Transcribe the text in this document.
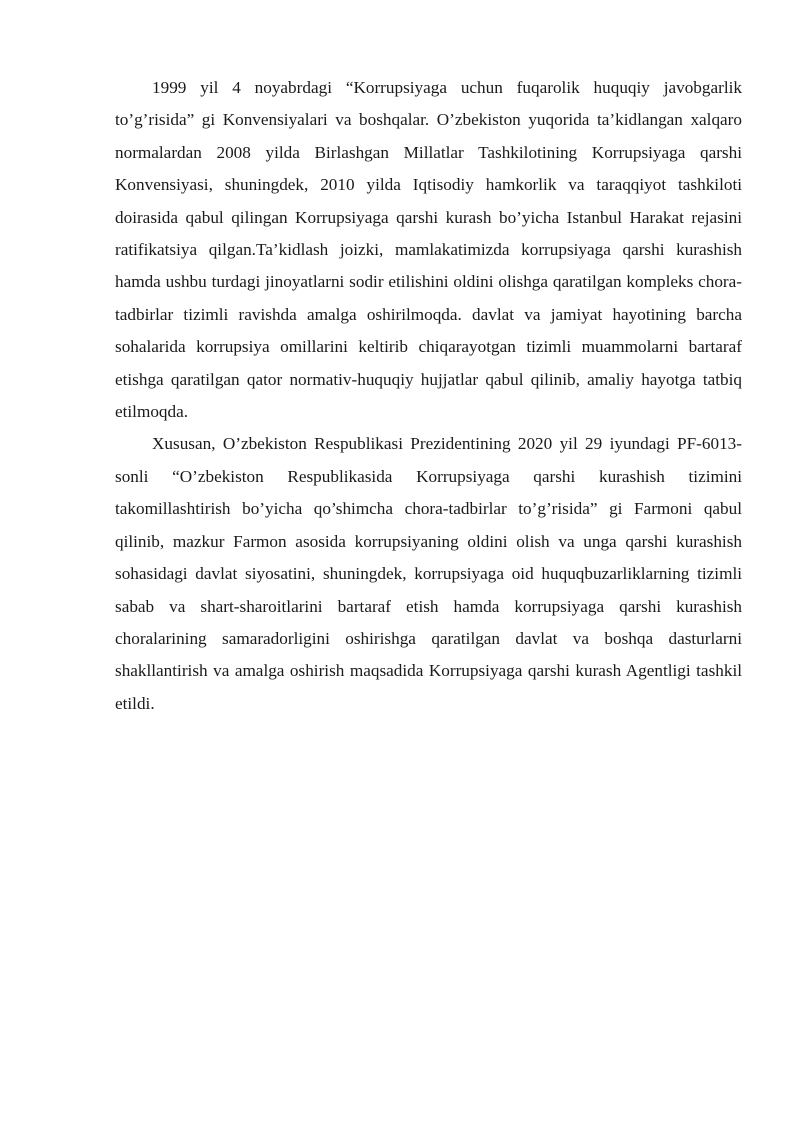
1999 yil 4 noyabrdagi “Korrupsiyaga uchun fuqarolik huquqiy javobgarlik to’g’risida” gi Konvensiyalari va boshqalar. O’zbekiston yuqorida ta’kidlangan xalqaro normalardan 2008 yilda Birlashgan Millatlar Tashkilotining Korrupsiyaga qarshi Konvensiyasi, shuningdek, 2010 yilda Iqtisodiy hamkorlik va taraqqiyot tashkiloti doirasida qabul qilingan Korrupsiyaga qarshi kurash bo’yicha Istanbul Harakat rejasini ratifikatsiya qilgan.Ta’kidlash joizki, mamlakatimizda korrupsiyaga qarshi kurashish hamda ushbu turdagi jinoyatlarni sodir etilishini oldini olishga qaratilgan kompleks chora-tadbirlar tizimli ravishda amalga oshirilmoqda. davlat va jamiyat hayotining barcha sohalarida korrupsiya omillarini keltirib chiqarayotgan tizimli muammolarni bartaraf etishga qaratilgan qator normativ-huquqiy hujjatlar qabul qilinib, amaliy hayotga tatbiq etilmoqda.

Xususan, O’zbekiston Respublikasi Prezidentining 2020 yil 29 iyundagi PF-6013-sonli “O’zbekiston Respublikasida Korrupsiyaga qarshi kurashish tizimini takomillashtirish bo’yicha qo’shimcha chora-tadbirlar to’g’risida” gi Farmoni qabul qilinib, mazkur Farmon asosida korrupsiyaning oldini olish va unga qarshi kurashish sohasidagi davlat siyosatini, shuningdek, korrupsiyaga oid huquqbuzarliklarning tizimli sabab va shart-sharoitlarini bartaraf etish hamda korrupsiyaga qarshi kurashish choralarining samaradorligini oshirishga qaratilgan davlat va boshqa dasturlarni shakllantirish va amalga oshirish maqsadida Korrupsiyaga qarshi kurash Agentligi tashkil etildi.
